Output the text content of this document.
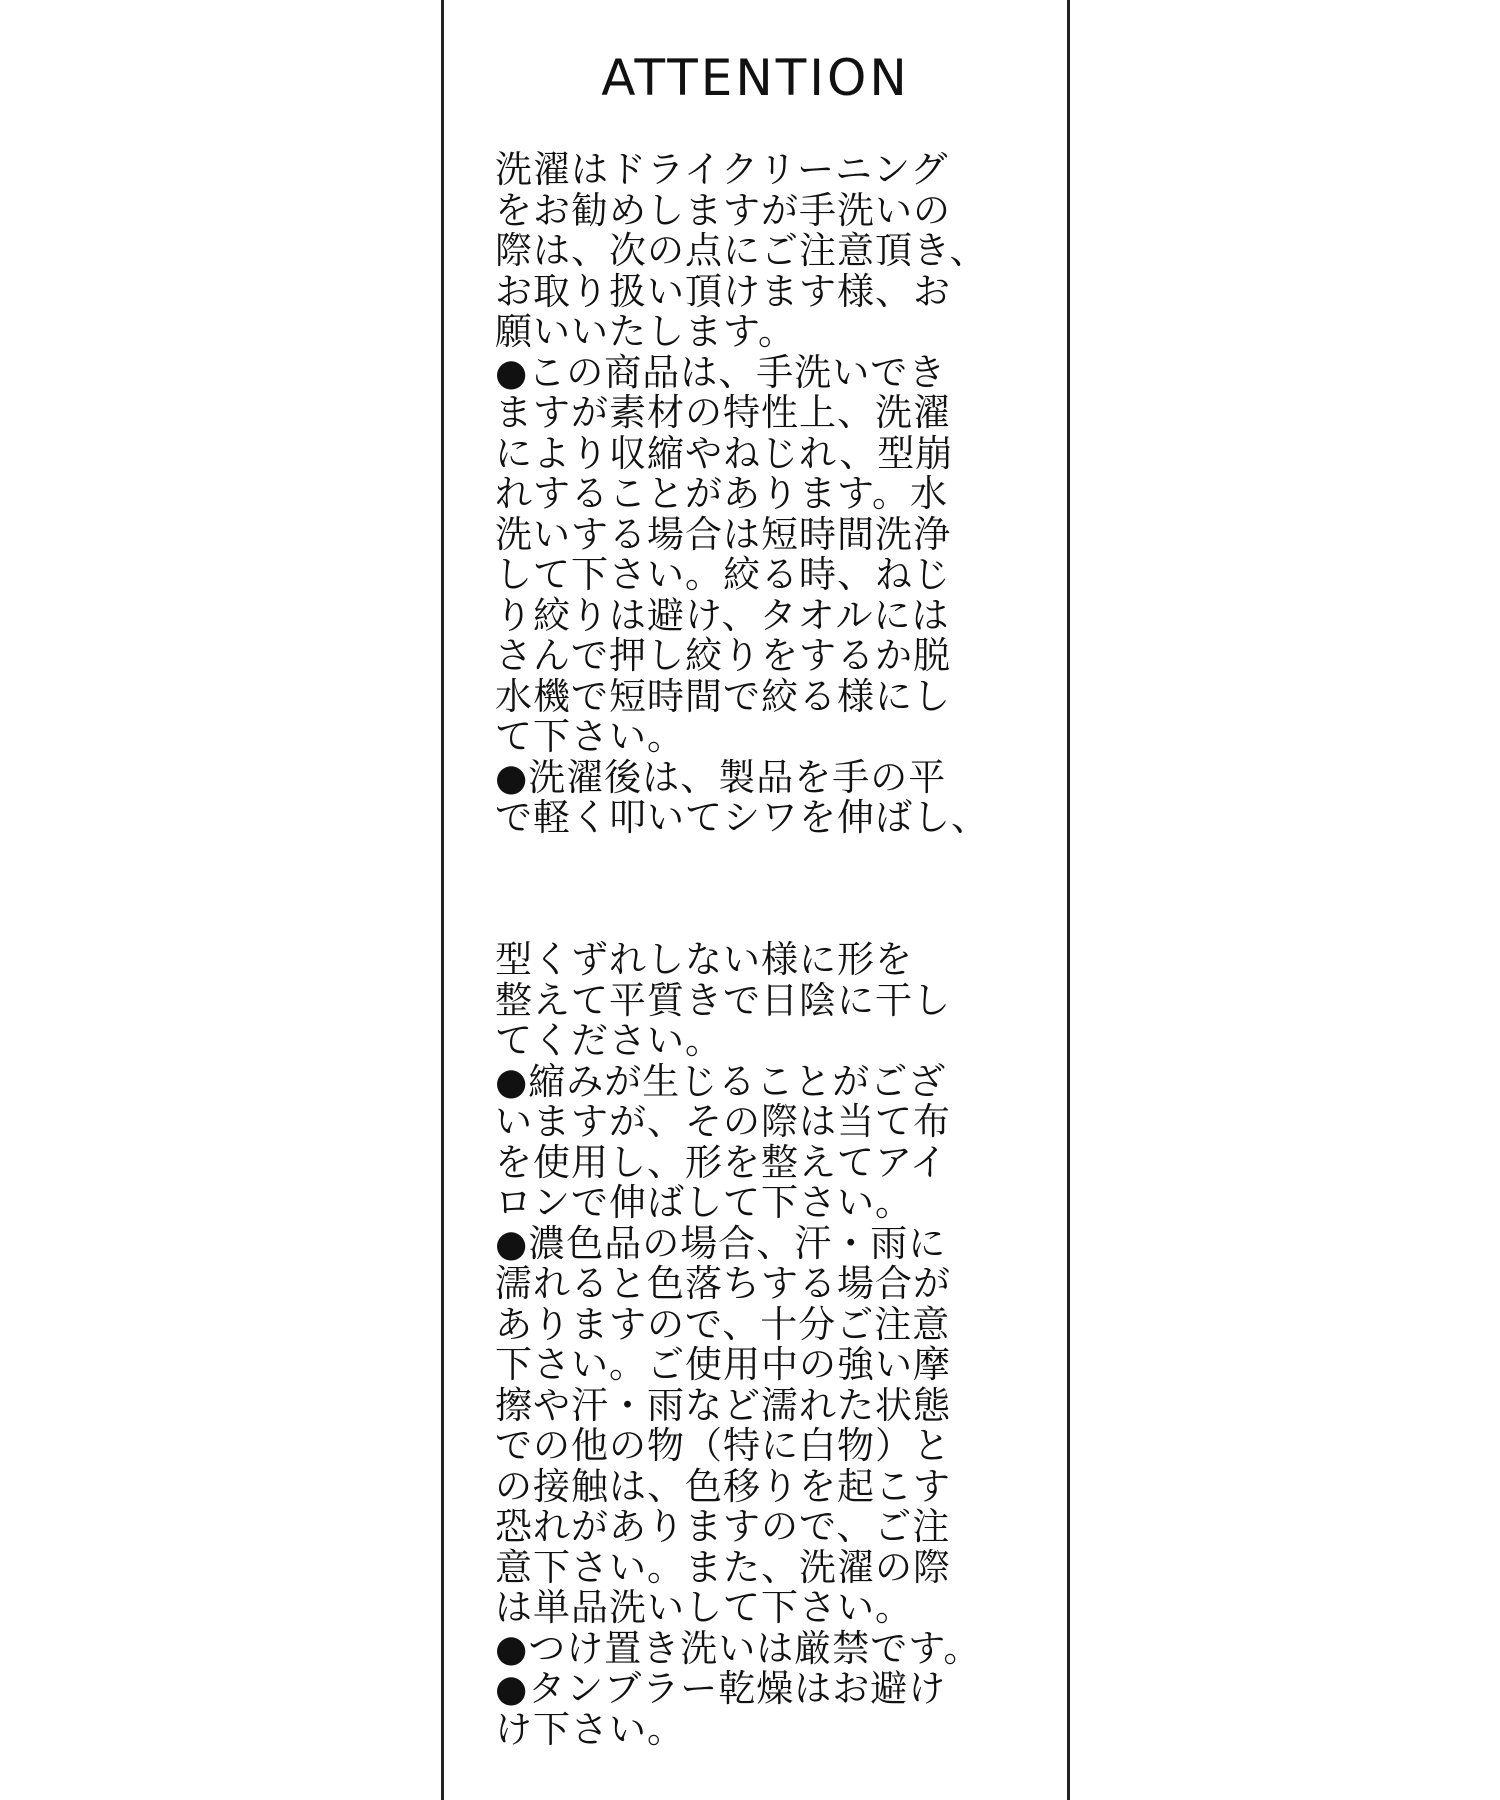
ATTENTION
洗濯はドライクリーニング
をお勧めしますが手洗いの
際は、次の点にご注意頂き、
お取り扱い頂けます様、お
願いいたします。
●この商品は、手洗いでき
ますが素材の特性上、洗濯
により収縮やねじれ、型崩
れすることがあります。水
洗いする場合は短時間洗浄
して下さい。絞る時、ねじ
り絞りは避け、タオルには
さんで押し絞りをするか脱
水機で短時間で絞る様にし
て下さい。
●洗濯後は、製品を手の平
で軽く叩いてシワを伸ばし、
型くずれしない様に形を
整えて平質きで日陰に干し
てください。
●縮みが生じることがござ
いますが、その際は当て布
を使用し、形を整えてアイ
ロンで伸ばして下さい。
●濃色品の場合、汗・雨に
濡れると色落ちする場合が
ありますので、十分ご注意
下さい。ご使用中の強い摩
擦や汗・雨など濡れた状態
での他の物（特に白物）と
の接触は、色移りを起こす
恐れがありますので、ご注
意下さい。また、洗濯の際
は単品洗いして下さい。
●つけ置き洗いは厳禁です。
●タンブラー乾燥はお避け
け下さい。
